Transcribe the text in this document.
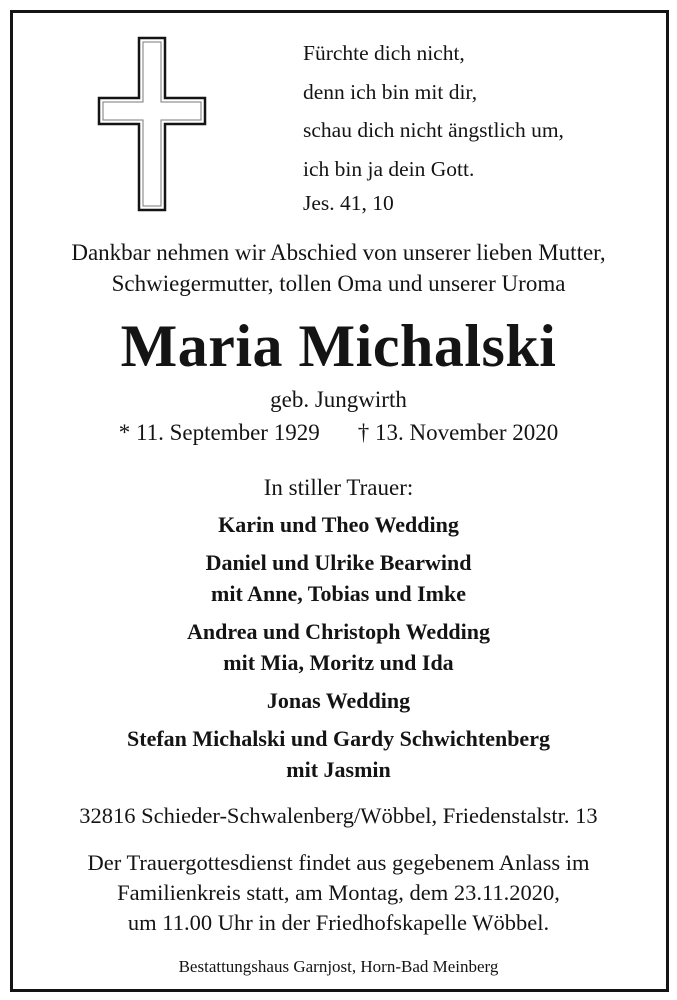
Fürchte dich nicht,
denn ich bin mit dir,
schau dich nicht ängstlich um,
ich bin ja dein Gott.
Jes. 41, 10
Dankbar nehmen wir Abschied von unserer lieben Mutter,
Schwiegermutter, tollen Oma und unserer Uroma
Maria Michalski
geb. Jungwirth
* 11. September 1929 † 13. November 2020
In stiller Trauer:
Karin und Theo Wedding
Daniel und Ulrike Bearwind
mit Anne, Tobias und Imke
Andrea und Christoph Wedding
mit Mia, Moritz und Ida
Jonas Wedding
Stefan Michalski und Gardy Schwichtenberg
mit Jasmin
32816 Schieder-Schwalenberg/Wöbbel, Friedenstalstr. 13
Der Trauergottesdienst findet aus gegebenem Anlass im
Familienkreis statt, am Montag, dem 23.11.2020,
um 11.00 Uhr in der Friedhofskapelle Wöbbel.
Bestattungshaus Garnjost, Horn-Bad Meinberg
